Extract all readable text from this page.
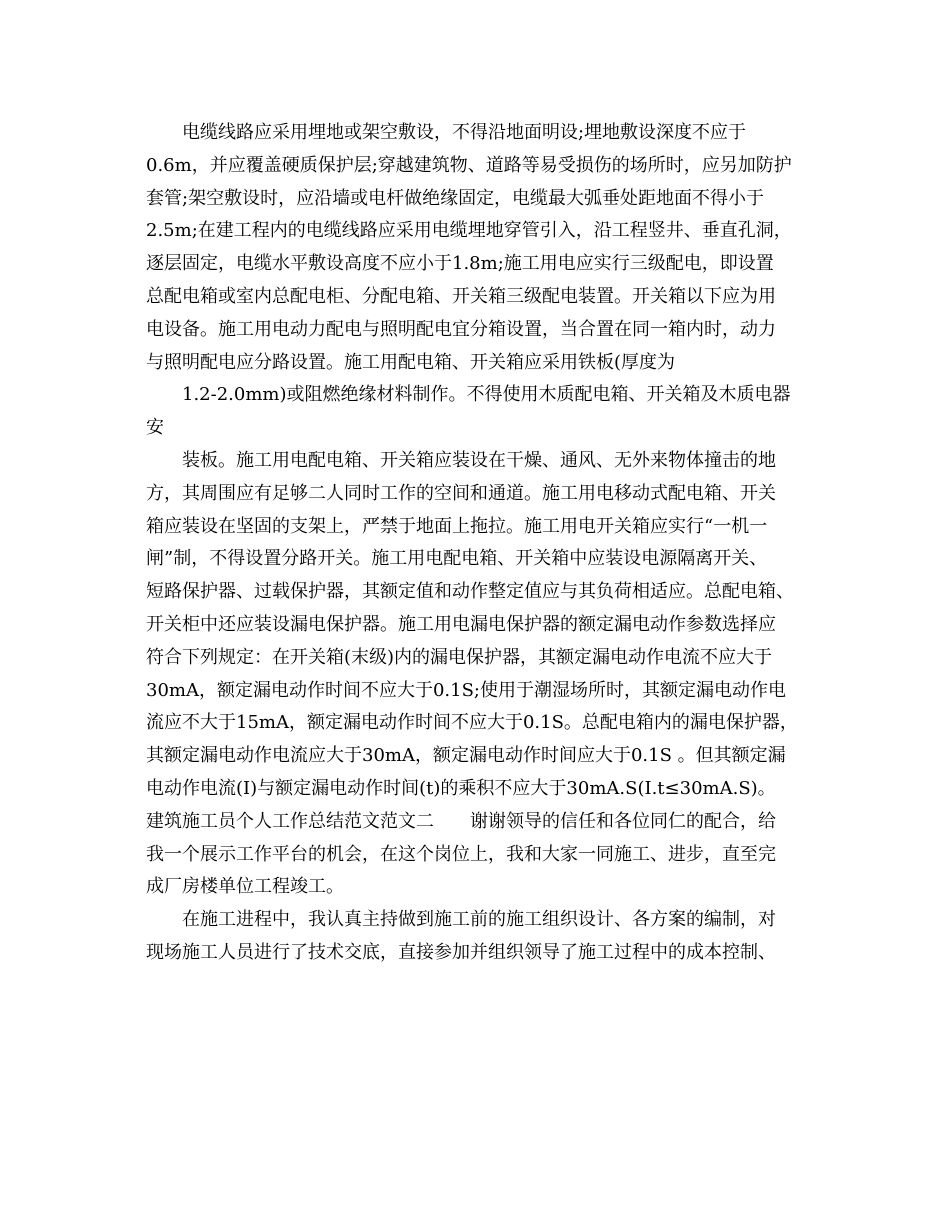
电缆线路应采用埋地或架空敷设，不得沿地面明设;埋地敷设深度不应于
0.6m，并应覆盖硬质保护层;穿越建筑物、道路等易受损伤的场所时，应另加防护
套管;架空敷设时，应沿墙或电杆做绝缘固定，电缆最大弧垂处距地面不得小于
2.5m;在建工程内的电缆线路应采用电缆埋地穿管引入，沿工程竖井、垂直孔洞，
逐层固定，电缆水平敷设高度不应小于1.8m;施工用电应实行三级配电，即设置
总配电箱或室内总配电柜、分配电箱、开关箱三级配电装置。开关箱以下应为用
电设备。施工用电动力配电与照明配电宜分箱设置，当合置在同一箱内时，动力
与照明配电应分路设置。施工用配电箱、开关箱应采用铁板(厚度为
1.2-2.0mm)或阻燃绝缘材料制作。不得使用木质配电箱、开关箱及木质电器
安
装板。施工用电配电箱、开关箱应装设在干燥、通风、无外来物体撞击的地
方，其周围应有足够二人同时工作的空间和通道。施工用电移动式配电箱、开关
箱应装设在坚固的支架上，严禁于地面上拖拉。施工用电开关箱应实行“一机一
闸”制，不得设置分路开关。施工用电配电箱、开关箱中应装设电源隔离开关、
短路保护器、过载保护器，其额定值和动作整定值应与其负荷相适应。总配电箱、
开关柜中还应装设漏电保护器。施工用电漏电保护器的额定漏电动作参数选择应
符合下列规定：在开关箱(末级)内的漏电保护器，其额定漏电动作电流不应大于
30mA，额定漏电动作时间不应大于0.1S;使用于潮湿场所时，其额定漏电动作电
流应不大于15mA，额定漏电动作时间不应大于0.1S。总配电箱内的漏电保护器，
其额定漏电动作电流应大于30mA，额定漏电动作时间应大于0.1S 。但其额定漏
电动作电流(I)与额定漏电动作时间(t)的乘积不应大于30mA.S(I.t≤30mA.S)。
建筑施工员个人工作总结范文范文二　　谢谢领导的信任和各位同仁的配合，给
我一个展示工作平台的机会，在这个岗位上，我和大家一同施工、进步，直至完
成厂房楼单位工程竣工。
在施工进程中，我认真主持做到施工前的施工组织设计、各方案的编制，对
现场施工人员进行了技术交底，直接参加并组织领导了施工过程中的成本控制、
